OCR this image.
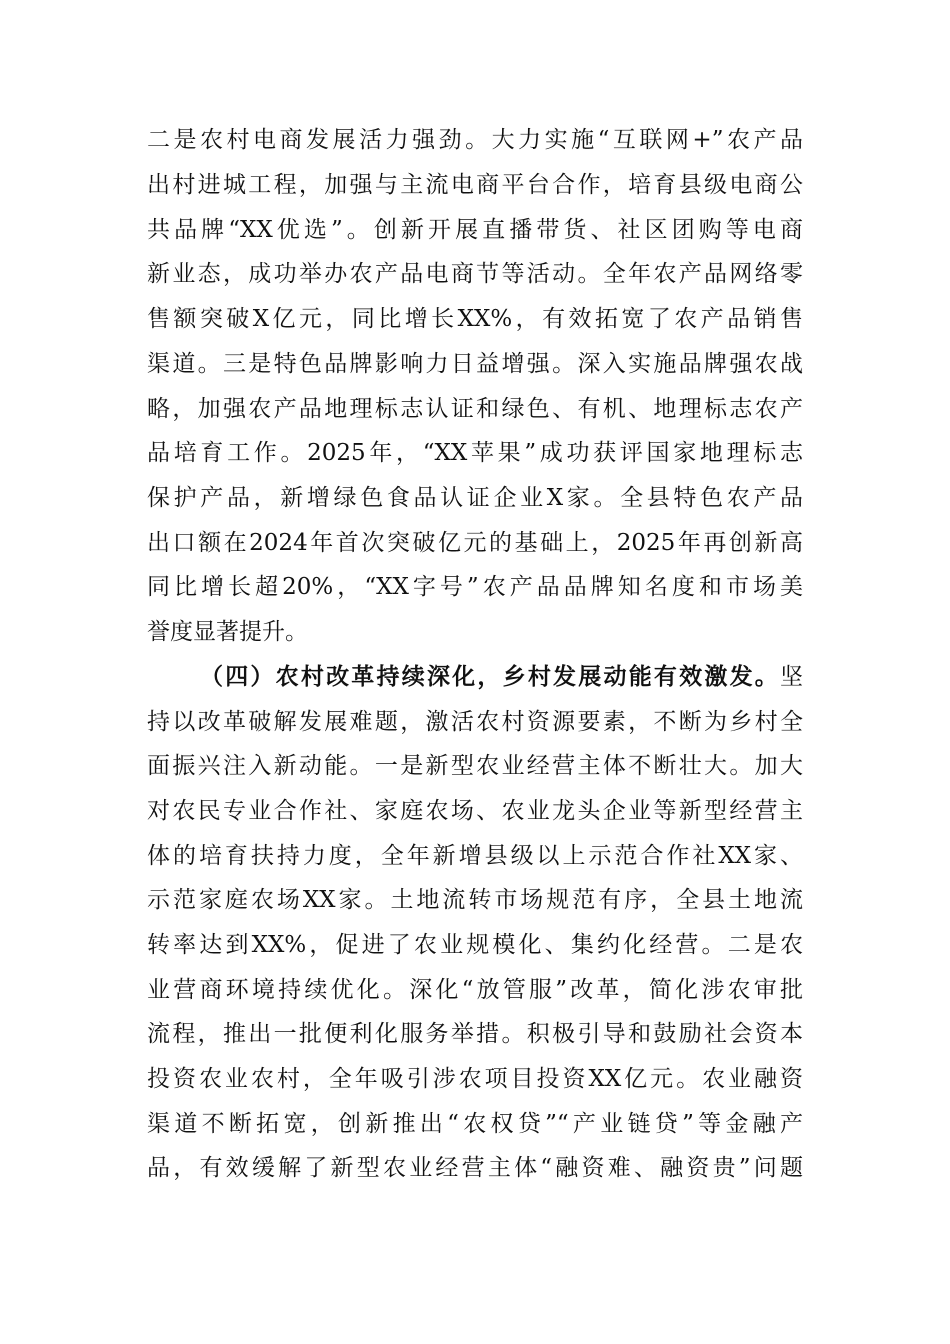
二是农村电商发展活力强劲。大力实施“互联网+”农产品
出村进城工程，加强与主流电商平台合作，培育县级电商公
共品牌“XX优选”。创新开展直播带货、社区团购等电商
新业态，成功举办农产品电商节等活动。全年农产品网络零
售额突破X亿元，同比增长XX%，有效拓宽了农产品销售
渠道。三是特色品牌影响力日益增强。深入实施品牌强农战
略，加强农产品地理标志认证和绿色、有机、地理标志农产
品培育工作。2025年，“XX苹果”成功获评国家地理标志
保护产品，新增绿色食品认证企业X家。全县特色农产品
出口额在2024年首次突破亿元的基础上，2025年再创新高
同比增长超20%，“XX字号”农产品品牌知名度和市场美
誉度显著提升。
（四）农村改革持续深化，乡村发展动能有效激发。坚
持以改革破解发展难题，激活农村资源要素，不断为乡村全
面振兴注入新动能。一是新型农业经营主体不断壮大。加大
对农民专业合作社、家庭农场、农业龙头企业等新型经营主
体的培育扶持力度，全年新增县级以上示范合作社XX家、
示范家庭农场XX家。土地流转市场规范有序，全县土地流
转率达到XX%，促进了农业规模化、集约化经营。二是农
业营商环境持续优化。深化“放管服”改革，简化涉农审批
流程，推出一批便利化服务举措。积极引导和鼓励社会资本
投资农业农村，全年吸引涉农项目投资XX亿元。农业融资
渠道不断拓宽，创新推出“农权贷”“产业链贷”等金融产
品，有效缓解了新型农业经营主体“融资难、融资贵”问题
